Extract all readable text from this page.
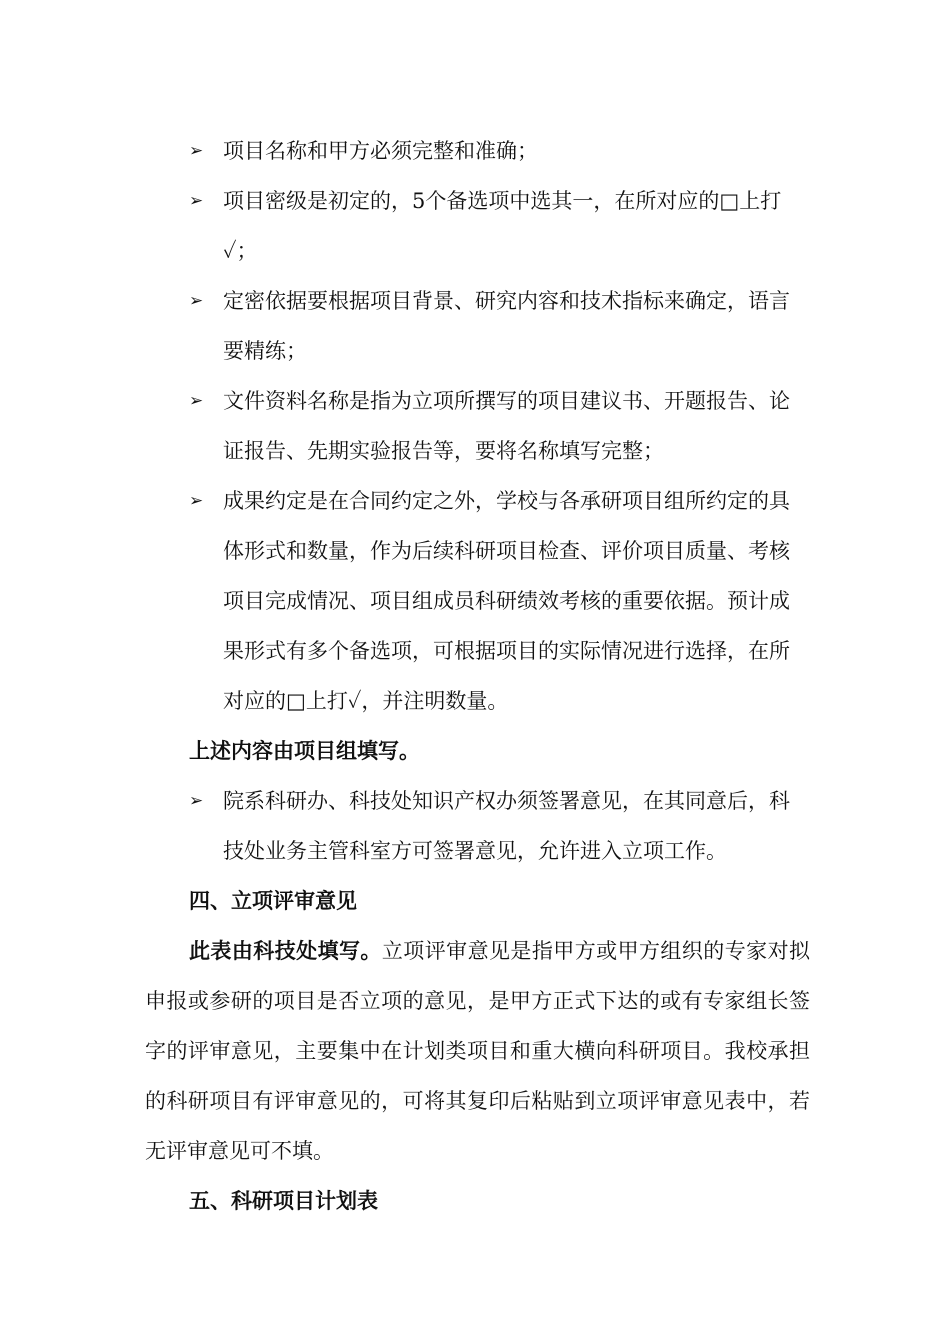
➢ 项目名称和甲方必须完整和准确；
➢ 项目密级是初定的，5个备选项中选其一，在所对应的□上打✓；
➢ 定密依据要根据项目背景、研究内容和技术指标来确定，语言要精练；
➢ 文件资料名称是指为立项所撰写的项目建议书、开题报告、论证报告、先期实验报告等，要将名称填写完整；
➢ 成果约定是在合同约定之外，学校与各承研项目组所约定的具体形式和数量，作为后续科研项目检查、评价项目质量、考核项目完成情况、项目组成员科研绩效考核的重要依据。预计成果形式有多个备选项，可根据项目的实际情况进行选择，在所对应的□上打✓，并注明数量。

上述内容由项目组填写。

➢ 院系科研办、科技处知识产权办须签署意见，在其同意后，科技处业务主管科室方可签署意见，允许进入立项工作。

四、立项评审意见

此表由科技处填写。立项评审意见是指甲方或甲方组织的专家对拟申报或参研的项目是否立项的意见，是甲方正式下达的或有专家组长签字的评审意见，主要集中在计划类项目和重大横向科研项目。我校承担的科研项目有评审意见的，可将其复印后粘贴到立项评审意见表中，若无评审意见可不填。

五、科研项目计划表
